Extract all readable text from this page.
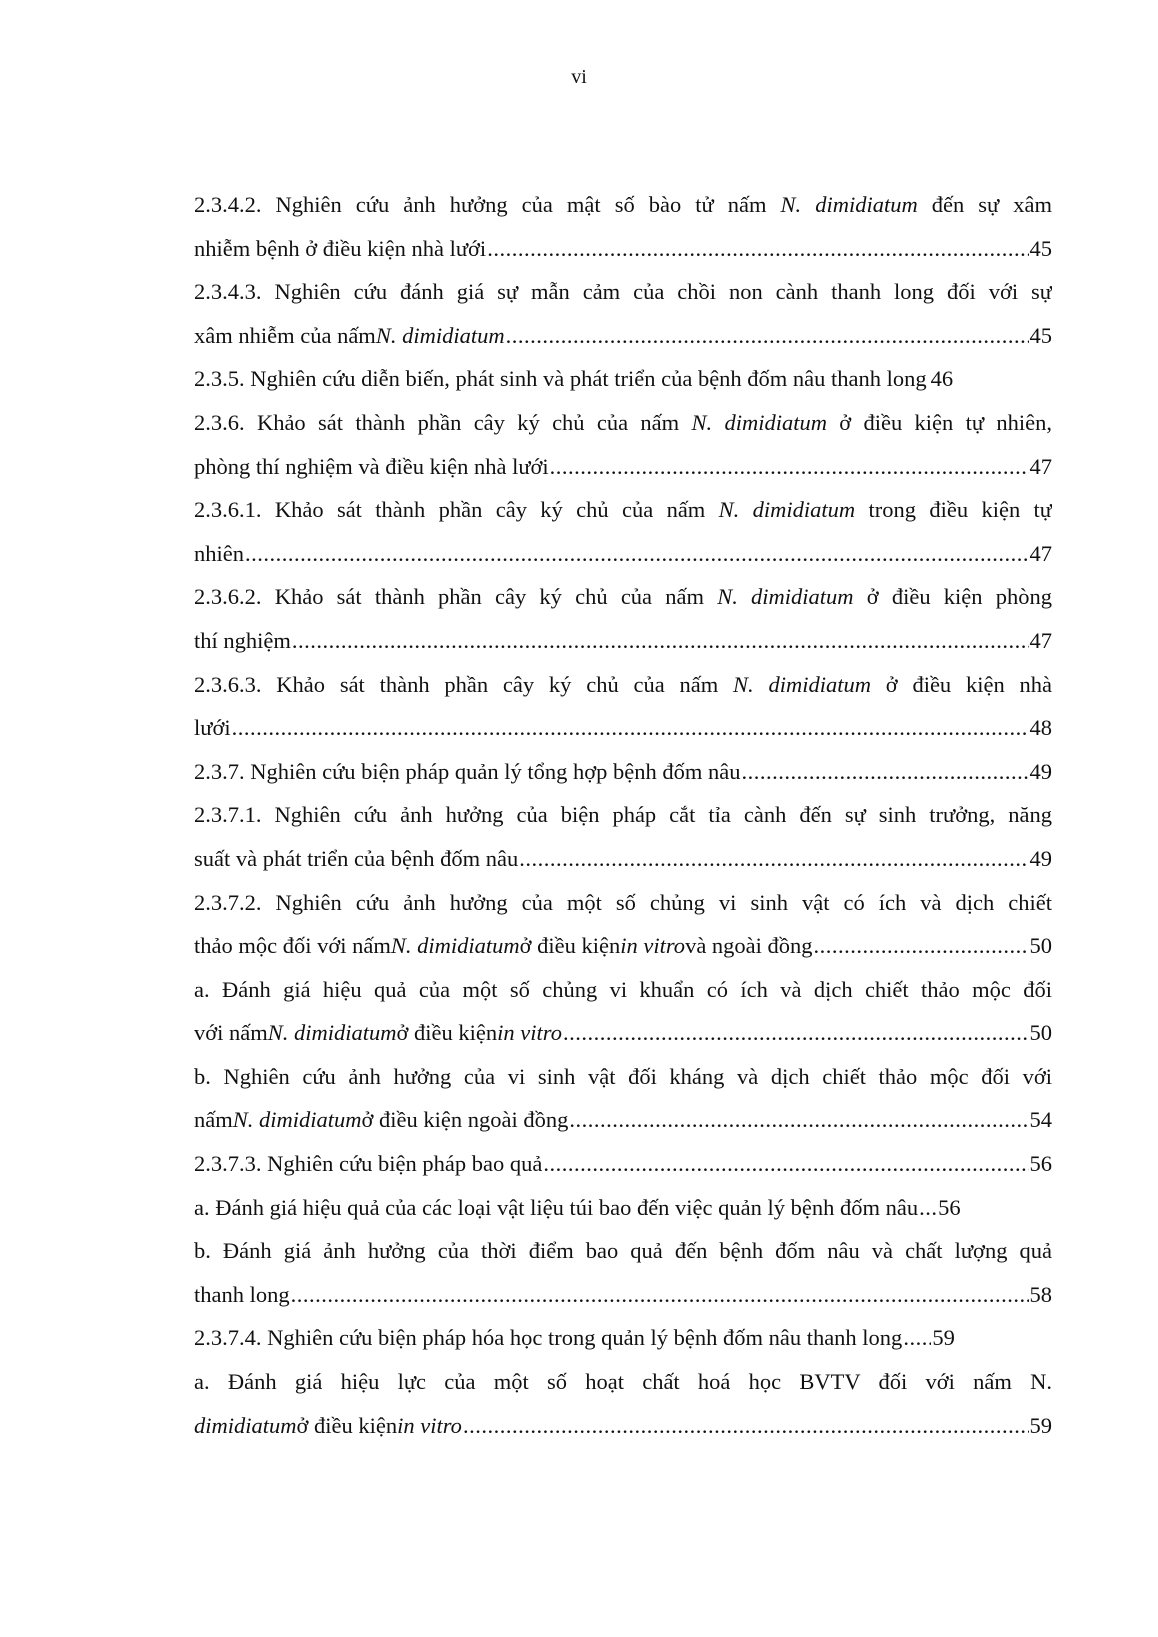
vi
2.3.4.2. Nghiên cứu ảnh hưởng của mật số bào tử nấm N. dimidiatum đến sự xâm
nhiễm bệnh ở điều kiện nhà lưới .....	45
2.3.4.3. Nghiên cứu đánh giá sự mẫn cảm của chồi non cành thanh long đối với sự
xâm nhiễm của nấm N. dimidiatum .....	45
2.3.5. Nghiên cứu diễn biến, phát sinh và phát triển của bệnh đốm nâu thanh long 46
2.3.6. Khảo sát thành phần cây ký chủ của nấm N. dimidiatum ở điều kiện tự nhiên,
phòng thí nghiệm và điều kiện nhà lưới .....	47
2.3.6.1. Khảo sát thành phần cây ký chủ của nấm N. dimidiatum trong điều kiện tự
nhiên .....	47
2.3.6.2. Khảo sát thành phần cây ký chủ của nấm N. dimidiatum ở điều kiện phòng
thí nghiệm .....	47
2.3.6.3. Khảo sát thành phần cây ký chủ của nấm N. dimidiatum ở điều kiện nhà
lưới .....	48
2.3.7. Nghiên cứu biện pháp quản lý tổng hợp bệnh đốm nâu .....	49
2.3.7.1. Nghiên cứu ảnh hưởng của biện pháp cắt tỉa cành đến sự sinh trưởng, năng
suất và phát triển của bệnh đốm nâu .....	49
2.3.7.2. Nghiên cứu ảnh hưởng của một số chủng vi sinh vật có ích và dịch chiết
thảo mộc đối với nấm N. dimidiatum ở điều kiện in vitro và ngoài đồng .....	50
a. Đánh giá hiệu quả của một số chủng vi khuẩn có ích và dịch chiết thảo mộc đối
với nấm N. dimidiatum ở điều kiện in vitro .....	50
b. Nghiên cứu ảnh hưởng của vi sinh vật đối kháng và dịch chiết thảo mộc đối với
nấm N. dimidiatum ở điều kiện ngoài đồng .....	54
2.3.7.3. Nghiên cứu biện pháp bao quả .....	56
a. Đánh giá hiệu quả của các loại vật liệu túi bao đến việc quản lý bệnh đốm nâu ..... 56
b. Đánh giá ảnh hưởng của thời điểm bao quả đến bệnh đốm nâu và chất lượng quả
thanh long .....	58
2.3.7.4. Nghiên cứu biện pháp hóa học trong quản lý bệnh đốm nâu thanh long ..... 59
a. Đánh giá hiệu lực của một số hoạt chất hoá học BVTV đối với nấm N.
dimidiatum ở điều kiện in vitro .....	59
